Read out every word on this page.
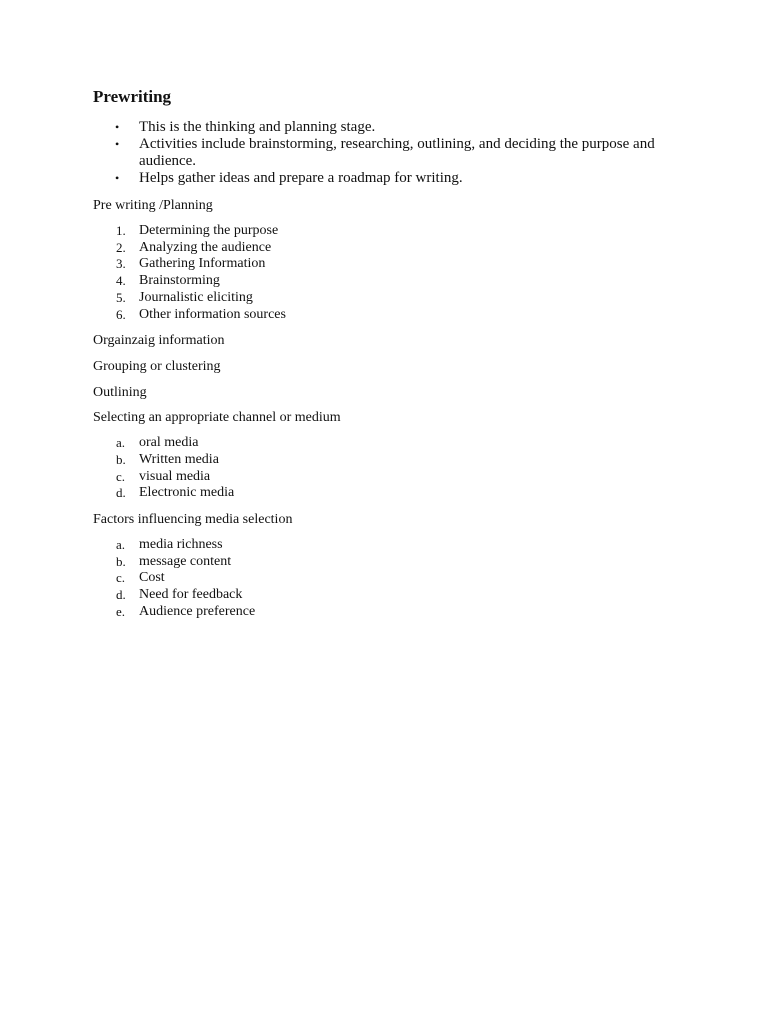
Prewriting
•	This is the thinking and planning stage.
•	Activities include brainstorming, researching, outlining, and deciding the purpose and audience.
•	Helps gather ideas and prepare a roadmap for writing.

Pre writing /Planning

1. Determining the purpose
2. Analyzing the audience
3. Gathering Information
4. Brainstorming
5. Journalistic eliciting
6. Other information sources

Orgainzaig information

Grouping or clustering

Outlining

Selecting an appropriate channel or medium

a. oral media
b. Written media
c. visual media
d. Electronic media

Factors influencing media selection

a. media richness
b. message content
c. Cost
d. Need for feedback
e. Audience preference
